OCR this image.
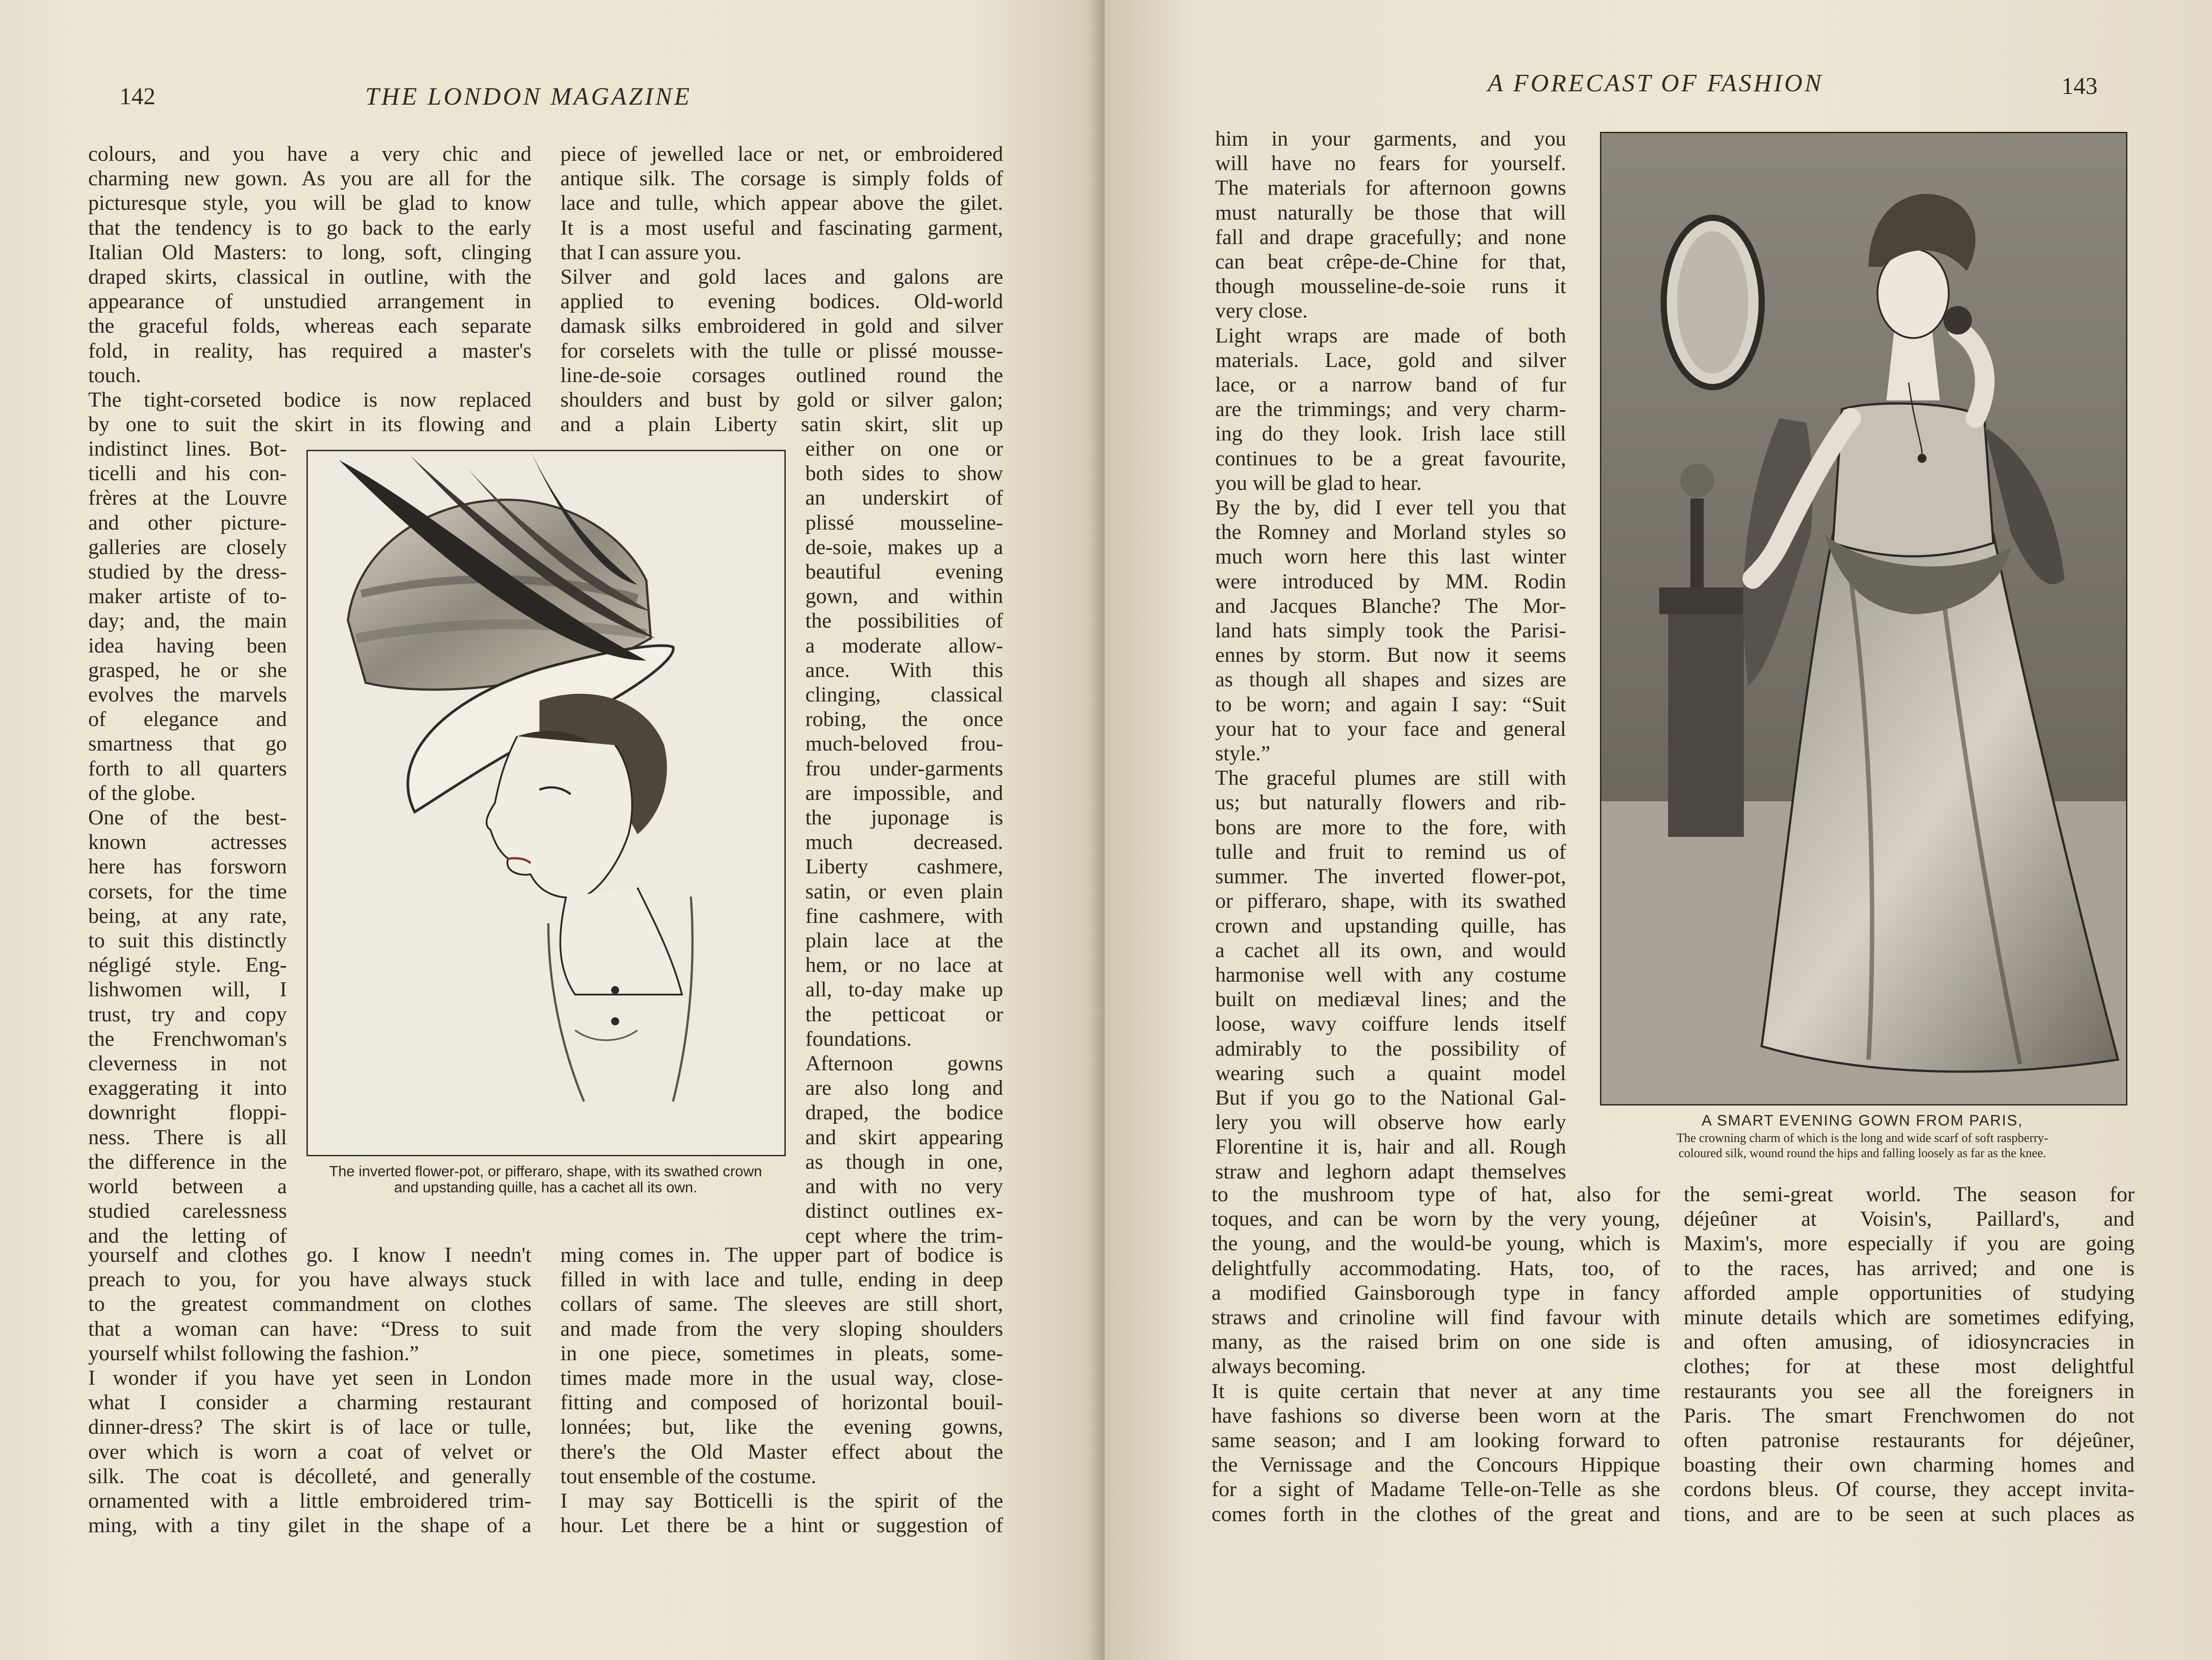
142	THE LONDON MAGAZINE
colours, and you have a very chic and
charming new gown. As you are all for the
picturesque style, you will be glad to know
that the tendency is to go back to the early
Italian Old Masters: to long, soft, clinging
draped skirts, classical in outline, with the
appearance of unstudied arrangement in
the graceful folds, whereas each separate
fold, in reality, has required a master's
touch.
The tight-corseted bodice is now replaced
by one to suit the skirt in its flowing and
indistinct lines. Bot-
ticelli and his con-
frères at the Louvre
and other picture-
galleries are closely
studied by the dress-
maker artiste of to-
day; and, the main
idea having been
grasped, he or she
evolves the marvels
of elegance and
smartness that go
forth to all quarters
of the globe.
One of the best-
known actresses
here has forsworn
corsets, for the time
being, at any rate,
to suit this distinctly
négligé style. Eng-
lishwomen will, I
trust, try and copy
the Frenchwoman's
cleverness in not
exaggerating it into
downright floppi-
ness. There is all
the difference in the
world between a
studied carelessness
and the letting of
yourself and clothes go. I know I needn't
preach to you, for you have always stuck
to the greatest commandment on clothes
that a woman can have: “Dress to suit
yourself whilst following the fashion.”
I wonder if you have yet seen in London
what I consider a charming restaurant
dinner-dress? The skirt is of lace or tulle,
over which is worn a coat of velvet or
silk. The coat is décolleté, and generally
ornamented with a little embroidered trim-
ming, with a tiny gilet in the shape of a
piece of jewelled lace or net, or embroidered
antique silk. The corsage is simply folds of
lace and tulle, which appear above the gilet.
It is a most useful and fascinating garment,
that I can assure you.
Silver and gold laces and galons are
applied to evening bodices. Old-world
damask silks embroidered in gold and silver
for corselets with the tulle or plissé mousse-
line-de-soie corsages outlined round the
shoulders and bust by gold or silver galon;
and a plain Liberty satin skirt, slit up
either on one or
both sides to show
an underskirt of
plissé mousseline-
de-soie, makes up a
beautiful evening
gown, and within
the possibilities of
a moderate allow-
ance. With this
clinging, classical
robing, the once
much-beloved frou-
frou under-garments
are impossible, and
the juponage is
much decreased.
Liberty cashmere,
satin, or even plain
fine cashmere, with
plain lace at the
hem, or no lace at
all, to-day make up
the petticoat or
foundations.
Afternoon gowns
are also long and
draped, the bodice
and skirt appearing
as though in one,
and with no very
distinct outlines ex-
cept where the trim-
ming comes in. The upper part of bodice is
filled in with lace and tulle, ending in deep
collars of same. The sleeves are still short,
and made from the very sloping shoulders
in one piece, sometimes in pleats, some-
times made more in the usual way, close-
fitting and composed of horizontal bouil-
lonnées; but, like the evening gowns,
there's the Old Master effect about the
tout ensemble of the costume.
I may say Botticelli is the spirit of the
hour. Let there be a hint or suggestion of
The inverted flower-pot, or pifferaro, shape, with its swathed crown and upstanding quille, has a cachet all its own.
A FORECAST OF FASHION	143
him in your garments, and you
will have no fears for yourself.
The materials for afternoon gowns
must naturally be those that will
fall and drape gracefully; and none
can beat crêpe-de-Chine for that,
though mousseline-de-soie runs it
very close.
Light wraps are made of both
materials. Lace, gold and silver
lace, or a narrow band of fur
are the trimmings; and very charm-
ing do they look. Irish lace still
continues to be a great favourite,
you will be glad to hear.
By the by, did I ever tell you that
the Romney and Morland styles so
much worn here this last winter
were introduced by MM. Rodin
and Jacques Blanche? The Mor-
land hats simply took the Parisi-
ennes by storm. But now it seems
as though all shapes and sizes are
to be worn; and again I say: “Suit
your hat to your face and general
style.”
The graceful plumes are still with
us; but naturally flowers and rib-
bons are more to the fore, with
tulle and fruit to remind us of
summer. The inverted flower-pot,
or pifferaro, shape, with its swathed
crown and upstanding quille, has
a cachet all its own, and would
harmonise well with any costume
built on mediæval lines; and the
loose, wavy coiffure lends itself
admirably to the possibility of
wearing such a quaint model
But if you go to the National Gal-
lery you will observe how early
Florentine it is, hair and all. Rough
straw and leghorn adapt themselves
to the mushroom type of hat, also for
toques, and can be worn by the very young,
the young, and the would-be young, which is
delightfully accommodating. Hats, too, of
a modified Gainsborough type in fancy
straws and crinoline will find favour with
many, as the raised brim on one side is
always becoming.
It is quite certain that never at any time
have fashions so diverse been worn at the
same season; and I am looking forward to
the Vernissage and the Concours Hippique
for a sight of Madame Telle-on-Telle as she
comes forth in the clothes of the great and
the semi-great world. The season for
déjeûner at Voisin's, Paillard's, and
Maxim's, more especially if you are going
to the races, has arrived; and one is
afforded ample opportunities of studying
minute details which are sometimes edifying,
and often amusing, of idiosyncracies in
clothes; for at these most delightful
restaurants you see all the foreigners in
Paris. The smart Frenchwomen do not
often patronise restaurants for déjeûner,
boasting their own charming homes and
cordons bleus. Of course, they accept invita-
tions, and are to be seen at such places as
A SMART EVENING GOWN FROM PARIS,
The crowning charm of which is the long and wide scarf of soft raspberry-
coloured silk, wound round the hips and falling loosely as far as the knee.
